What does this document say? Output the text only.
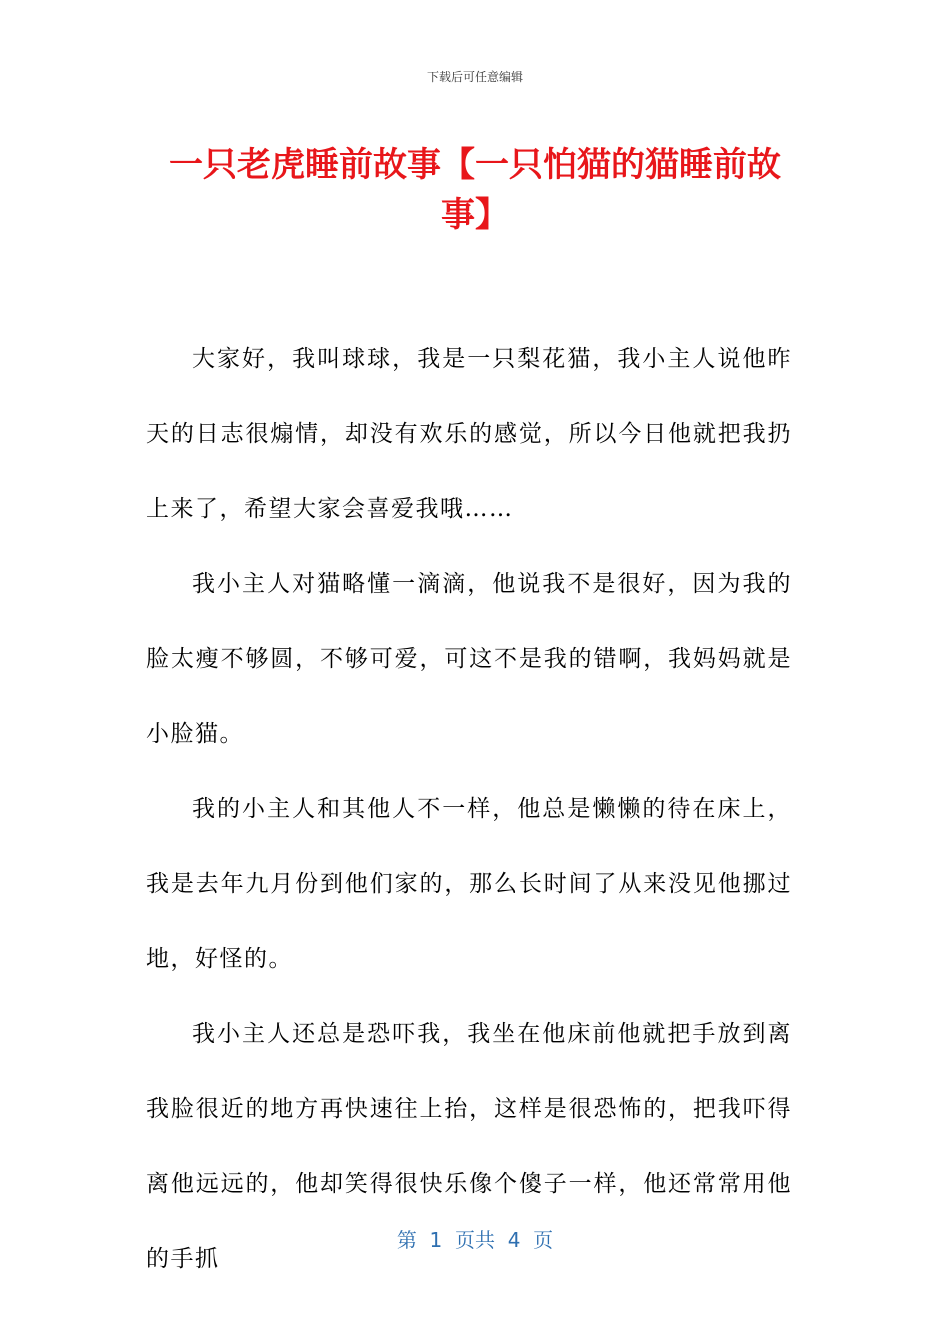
下载后可任意编辑
一只老虎睡前故事【一只怕猫的猫睡前故事】

大家好，我叫球球，我是一只梨花猫，我小主人说他昨天的日志很煽情，却没有欢乐的感觉，所以今日他就把我扔上来了，希望大家会喜爱我哦……

我小主人对猫略懂一滴滴，他说我不是很好，因为我的脸太瘦不够圆，不够可爱，可这不是我的错啊，我妈妈就是小脸猫。

我的小主人和其他人不一样，他总是懒懒的待在床上，我是去年九月份到他们家的，那么长时间了从来没见他挪过地，好怪的。

我小主人还总是恐吓我，我坐在他床前他就把手放到离我脸很近的地方再快速往上抬，这样是很恐怖的，把我吓得离他远远的，他却笑得很快乐像个傻子一样，他还常常用他的手抓

第  1  页共  4  页
